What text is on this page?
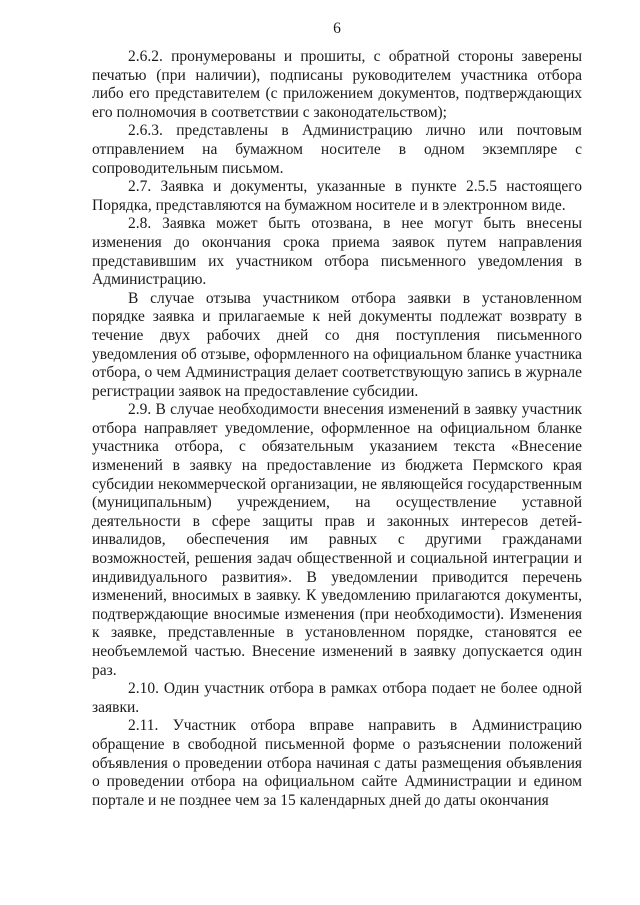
6

2.6.2. пронумерованы и прошиты, с обратной стороны заверены печатью (при наличии), подписаны руководителем участника отбора либо его представителем (с приложением документов, подтверждающих его полномочия в соответствии с законодательством);

2.6.3. представлены в Администрацию лично или почтовым отправлением на бумажном носителе в одном экземпляре с сопроводительным письмом.

2.7. Заявка и документы, указанные в пункте 2.5.5 настоящего Порядка, представляются на бумажном носителе и в электронном виде.

2.8. Заявка может быть отозвана, в нее могут быть внесены изменения до окончания срока приема заявок путем направления представившим их участником отбора письменного уведомления в Администрацию.

В случае отзыва участником отбора заявки в установленном порядке заявка и прилагаемые к ней документы подлежат возврату в течение двух рабочих дней со дня поступления письменного уведомления об отзыве, оформленного на официальном бланке участника отбора, о чем Администрация делает соответствующую запись в журнале регистрации заявок на предоставление субсидии.

2.9. В случае необходимости внесения изменений в заявку участник отбора направляет уведомление, оформленное на официальном бланке участника отбора, с обязательным указанием текста «Внесение изменений в заявку на предоставление из бюджета Пермского края субсидии некоммерческой организации, не являющейся государственным (муниципальным) учреждением, на осуществление уставной деятельности в сфере защиты прав и законных интересов детей-инвалидов, обеспечения им равных с другими гражданами возможностей, решения задач общественной и социальной интеграции и индивидуального развития». В уведомлении приводится перечень изменений, вносимых в заявку. К уведомлению прилагаются документы, подтверждающие вносимые изменения (при необходимости). Изменения к заявке, представленные в установленном порядке, становятся ее необъемлемой частью. Внесение изменений в заявку допускается один раз.

2.10. Один участник отбора в рамках отбора подает не более одной заявки.

2.11. Участник отбора вправе направить в Администрацию обращение в свободной письменной форме о разъяснении положений объявления о проведении отбора начиная с даты размещения объявления о проведении отбора на официальном сайте Администрации и едином портале и не позднее чем за 15 календарных дней до даты окончания
